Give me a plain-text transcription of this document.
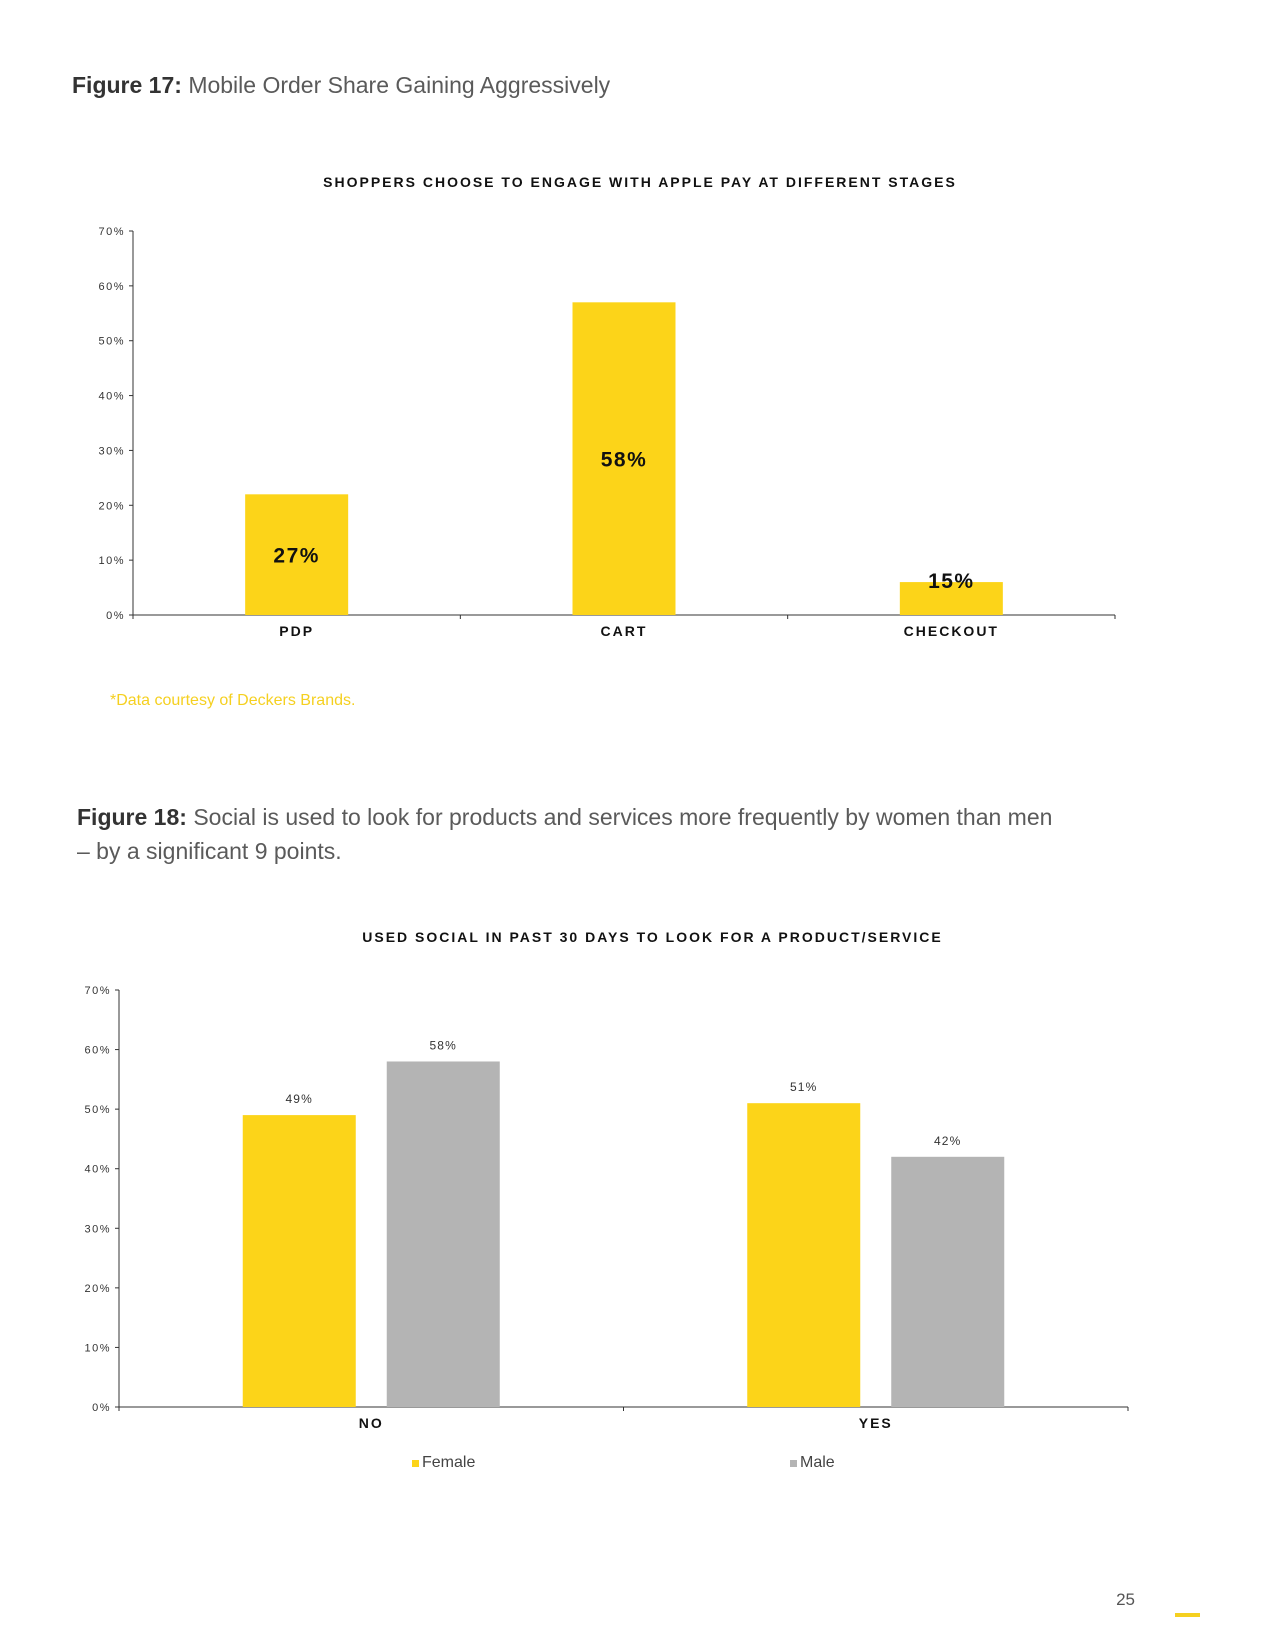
Figure 17: Mobile Order Share Gaining Aggressively
SHOPPERS CHOOSE TO ENGAGE WITH APPLE PAY AT DIFFERENT STAGES
0%
10%
20%
30%
40%
50%
60%
70%
PDP
27%
CART
58%
CHECKOUT
15%
*Data courtesy of Deckers Brands.
Figure 18: Social is used to look for products and services more frequently by women than men – by a significant 9 points.
USED SOCIAL IN PAST 30 DAYS TO LOOK FOR A PRODUCT/SERVICE
0%
10%
20%
30%
40%
50%
60%
70%
NO
49%
58%
YES
51%
42%
Female	Male
25
